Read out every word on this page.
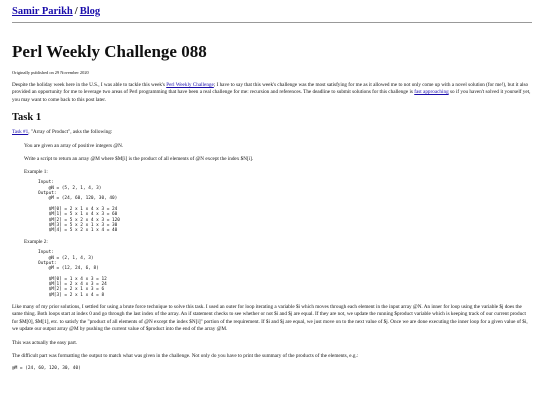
Samir Parikh / Blog
Perl Weekly Challenge 088
Originally published on 29 November 2020
Despite the holiday week here in the U.S., I was able to tackle this week's Perl Weekly Challenge; I have to say that this week's challenge was the most satisfying for me as it allowed me to not only come up with a novel solution (for me!), but it also provided an opportunity for me to leverage two areas of Perl programming that have been a real challenge for me: recursion and references. The deadline to submit solutions for this challenge is fast approaching so if you haven't solved it yourself yet, you may want to come back to this post later.
Task 1
Task #1, "Array of Product", asks the following:
You are given an array of positive integers @N.
Write a script to return an array @M where $M[i] is the product of all elements of @N except the index $N[i].
Example 1:
Input:
@N = (5, 2, 1, 4, 3)
Output:
@M = (24, 60, 120, 30, 40)

$M[0] = 2 x 1 x 4 x 3 = 24
$M[1] = 5 x 1 x 4 x 3 = 60
$M[2] = 5 x 2 x 4 x 3 = 120
$M[3] = 5 x 2 x 1 x 3 = 30
$M[4] = 5 x 2 x 1 x 4 = 40
Example 2:
Input:
@N = (2, 1, 4, 3)
Output:
@M = (12, 24, 6, 8)

$M[0] = 1 x 4 x 3 = 12
$M[1] = 2 x 4 x 3 = 24
$M[2] = 2 x 1 x 3 = 6
$M[3] = 2 x 1 x 4 = 8
Like many of my prior solutions, I settled for using a brute force technique to solve this task. I used an outer for loop iterating a variable $i which moves through each element in the input array @N. An inner for loop using the variable $j does the same thing. Both loops start at index 0 and go through the last index of the array. An if statement checks to see whether or not $i and $j are equal. If they are not, we update the running $product variable which is keeping track of our current product for $M[0], $M[1], etc. to satisfy the "product of all elements of @N except the index $N[i]" portion of the requirement. If $i and $j are equal, we just move on to the next value of $j. Once we are done executing the inner loop for a given value of $i, we update our output array @M by pushing the current value of $product into the end of the array @M.
This was actually the easy part.
The difficult part was formatting the output to match what was given in the challenge. Not only do you have to print the summary of the products of the elements, e.g.:
@M = (24, 60, 120, 30, 40)
